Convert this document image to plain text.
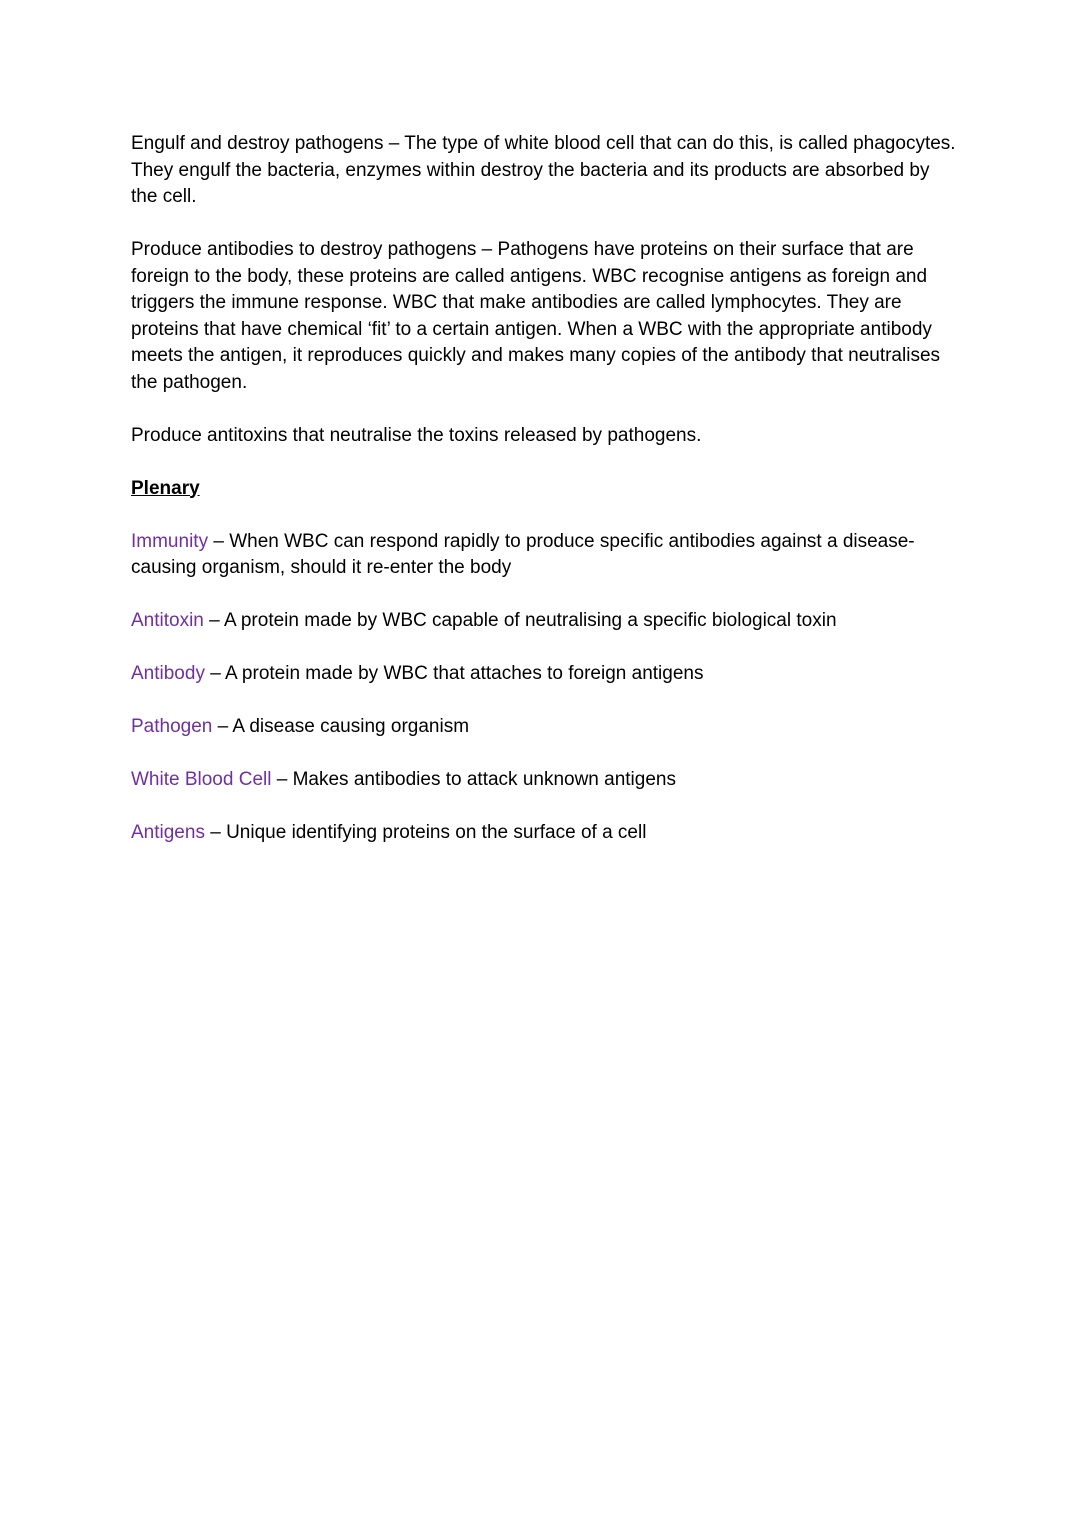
Engulf and destroy pathogens – The type of white blood cell that can do this, is called phagocytes. They engulf the bacteria, enzymes within destroy the bacteria and its products are absorbed by the cell.

Produce antibodies to destroy pathogens – Pathogens have proteins on their surface that are foreign to the body, these proteins are called antigens. WBC recognise antigens as foreign and triggers the immune response. WBC that make antibodies are called lymphocytes. They are proteins that have chemical ‘fit’ to a certain antigen. When a WBC with the appropriate antibody meets the antigen, it reproduces quickly and makes many copies of the antibody that neutralises the pathogen.

Produce antitoxins that neutralise the toxins released by pathogens.

Plenary

Immunity – When WBC can respond rapidly to produce specific antibodies against a disease-causing organism, should it re-enter the body

Antitoxin – A protein made by WBC capable of neutralising a specific biological toxin

Antibody – A protein made by WBC that attaches to foreign antigens

Pathogen – A disease causing organism

White Blood Cell – Makes antibodies to attack unknown antigens

Antigens – Unique identifying proteins on the surface of a cell
